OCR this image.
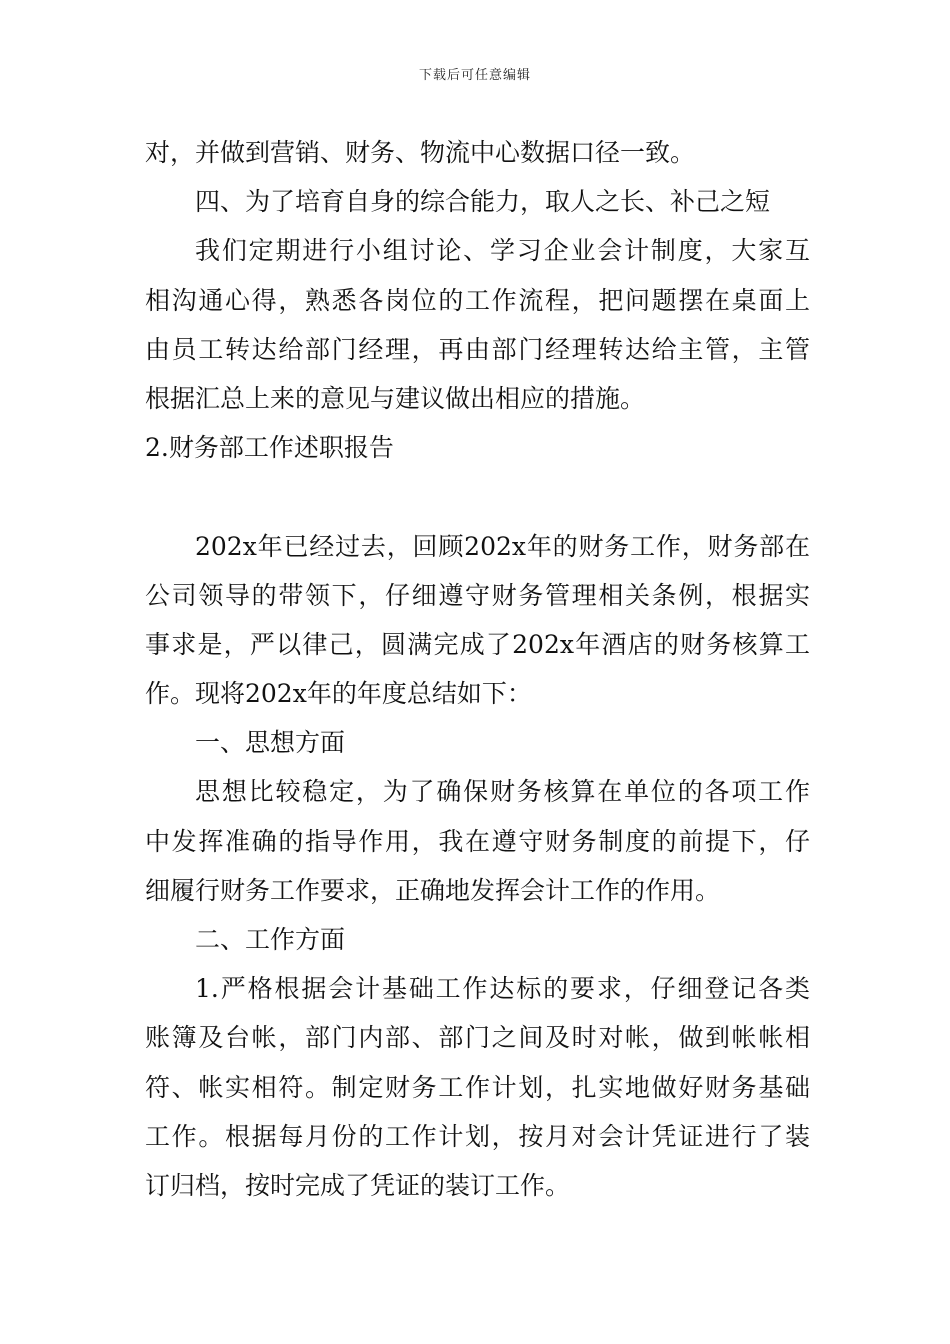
下载后可任意编辑
对，并做到营销、财务、物流中心数据口径一致。
四、为了培育自身的综合能力，取人之长、补己之短
我们定期进行小组讨论、学习企业会计制度，大家互
相沟通心得，熟悉各岗位的工作流程，把问题摆在桌面上
由员工转达给部门经理，再由部门经理转达给主管，主管
根据汇总上来的意见与建议做出相应的措施。
2.财务部工作述职报告
202x年已经过去，回顾202x年的财务工作，财务部在
公司领导的带领下，仔细遵守财务管理相关条例，根据实
事求是，严以律己，圆满完成了202x年酒店的财务核算工
作。现将202x年的年度总结如下：
一、思想方面
思想比较稳定，为了确保财务核算在单位的各项工作
中发挥准确的指导作用，我在遵守财务制度的前提下，仔
细履行财务工作要求，正确地发挥会计工作的作用。
二、工作方面
1.严格根据会计基础工作达标的要求，仔细登记各类
账簿及台帐，部门内部、部门之间及时对帐，做到帐帐相
符、帐实相符。制定财务工作计划，扎实地做好财务基础
工作。根据每月份的工作计划，按月对会计凭证进行了装
订归档，按时完成了凭证的装订工作。
